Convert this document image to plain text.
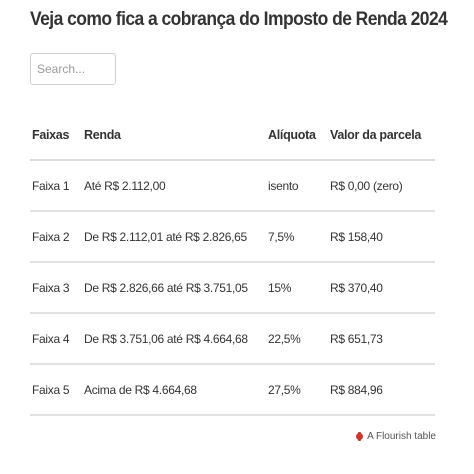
Veja como fica a cobrança do Imposto de Renda 2024
Search...
Faixas	Renda	Alíquota	Valor da parcela
Faixa 1	Até R$ 2.112,00	isento	R$ 0,00 (zero)
Faixa 2	De R$ 2.112,01 até R$ 2.826,65	7,5%	R$ 158,40
Faixa 3	De R$ 2.826,66 até R$ 3.751,05	15%	R$ 370,40
Faixa 4	De R$ 3.751,06 até R$ 4.664,68	22,5%	R$ 651,73
Faixa 5	Acima de R$ 4.664,68	27,5%	R$ 884,96
A Flourish table
